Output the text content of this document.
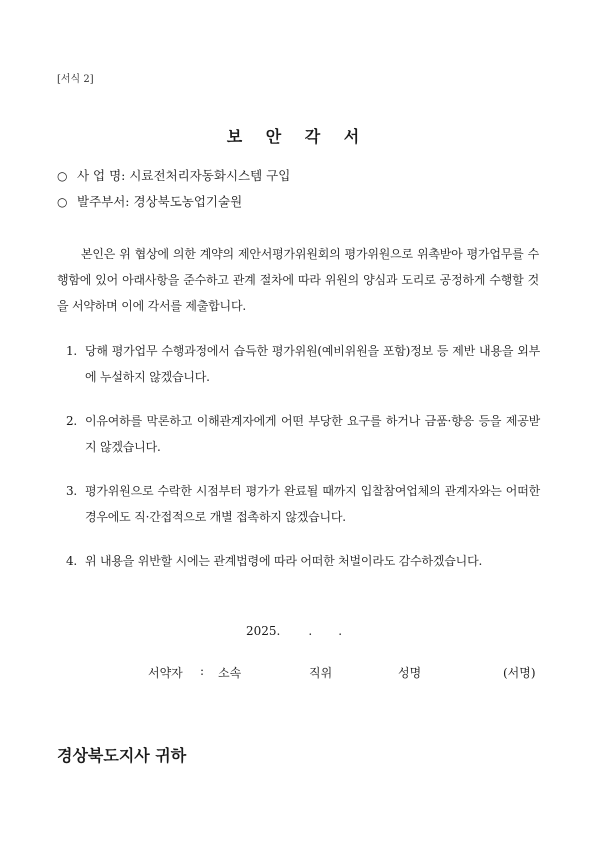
[서식 2]
보 안 각 서
○ 사 업 명: 시료전처리자동화시스템 구입
○ 발주부서: 경상북도농업기술원
본인은 위 협상에 의한 계약의 제안서평가위원회의 평가위원으로 위촉받아 평가업무를 수행함에 있어 아래사항을 준수하고 관계 절차에 따라 위원의 양심과 도리로 공정하게 수행할 것을 서약하며 이에 각서를 제출합니다.
1. 당해 평가업무 수행과정에서 습득한 평가위원(예비위원을 포함)정보 등 제반 내용을 외부에 누설하지 않겠습니다.
2. 이유여하를 막론하고 이해관계자에게 어떤 부당한 요구를 하거나 금품·향응 등을 제공받지 않겠습니다.
3. 평가위원으로 수락한 시점부터 평가가 완료될 때까지 입찰참여업체의 관계자와는 어떠한 경우에도 직·간접적으로 개별 접촉하지 않겠습니다.
4. 위 내용을 위반할 시에는 관계법령에 따라 어떠한 처벌이라도 감수하겠습니다.
2025. . .
서약자 : 소속	직위	성명	(서명)
경상북도지사 귀하
